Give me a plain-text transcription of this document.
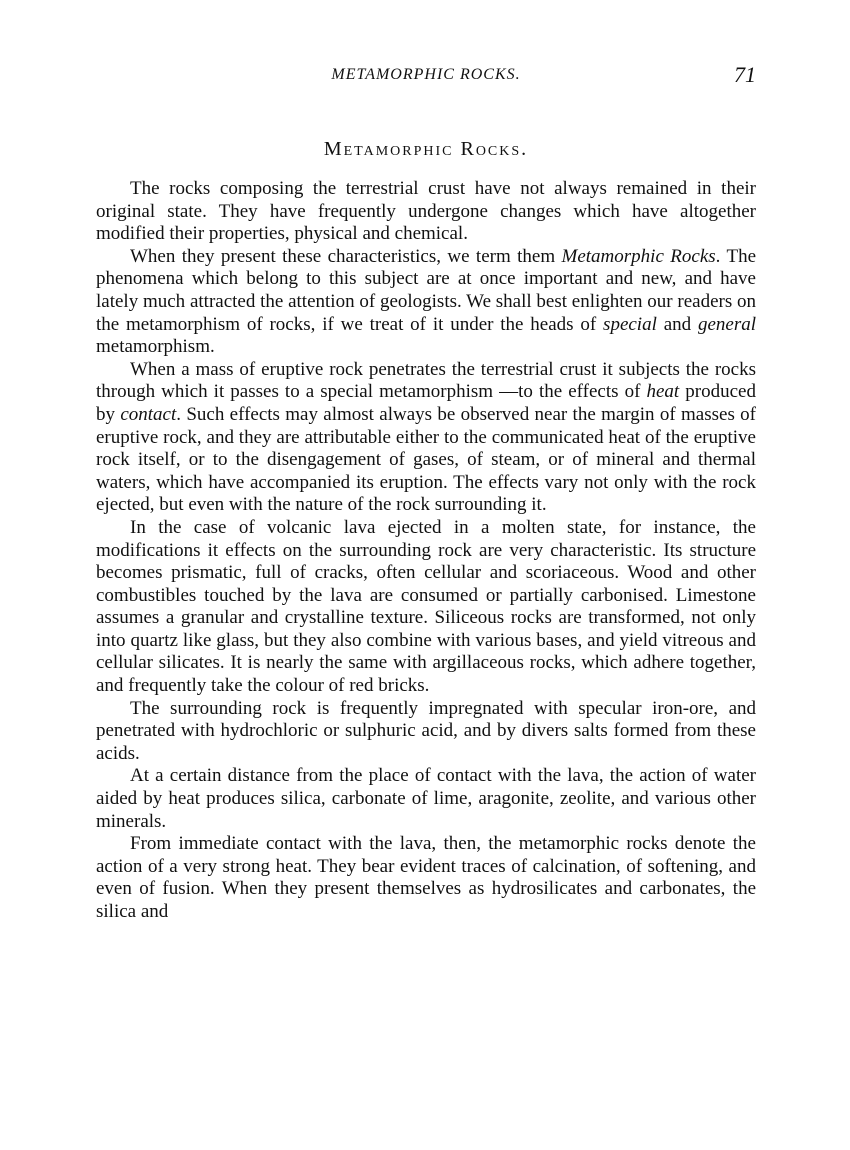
METAMORPHIC ROCKS.	71
Metamorphic Rocks.

The rocks composing the terrestrial crust have not always remained in their original state. They have frequently undergone changes which have altogether modified their properties, physical and chemical.

When they present these characteristics, we term them Metamorphic Rocks. The phenomena which belong to this subject are at once important and new, and have lately much attracted the attention of geologists. We shall best enlighten our readers on the metamorphism of rocks, if we treat of it under the heads of special and general metamorphism.

When a mass of eruptive rock penetrates the terrestrial crust it subjects the rocks through which it passes to a special metamorphism —to the effects of heat produced by contact. Such effects may almost always be observed near the margin of masses of eruptive rock, and they are attributable either to the communicated heat of the eruptive rock itself, or to the disengagement of gases, of steam, or of mineral and thermal waters, which have accompanied its eruption. The effects vary not only with the rock ejected, but even with the nature of the rock surrounding it.

In the case of volcanic lava ejected in a molten state, for instance, the modifications it effects on the surrounding rock are very characteristic. Its structure becomes prismatic, full of cracks, often cellular and scoriaceous. Wood and other combustibles touched by the lava are consumed or partially carbonised. Limestone assumes a granular and crystalline texture. Siliceous rocks are transformed, not only into quartz like glass, but they also combine with various bases, and yield vitreous and cellular silicates. It is nearly the same with argillaceous rocks, which adhere together, and frequently take the colour of red bricks.

The surrounding rock is frequently impregnated with specular iron-ore, and penetrated with hydrochloric or sulphuric acid, and by divers salts formed from these acids.

At a certain distance from the place of contact with the lava, the action of water aided by heat produces silica, carbonate of lime, aragonite, zeolite, and various other minerals.

From immediate contact with the lava, then, the metamorphic rocks denote the action of a very strong heat. They bear evident traces of calcination, of softening, and even of fusion. When they present themselves as hydrosilicates and carbonates, the silica and
